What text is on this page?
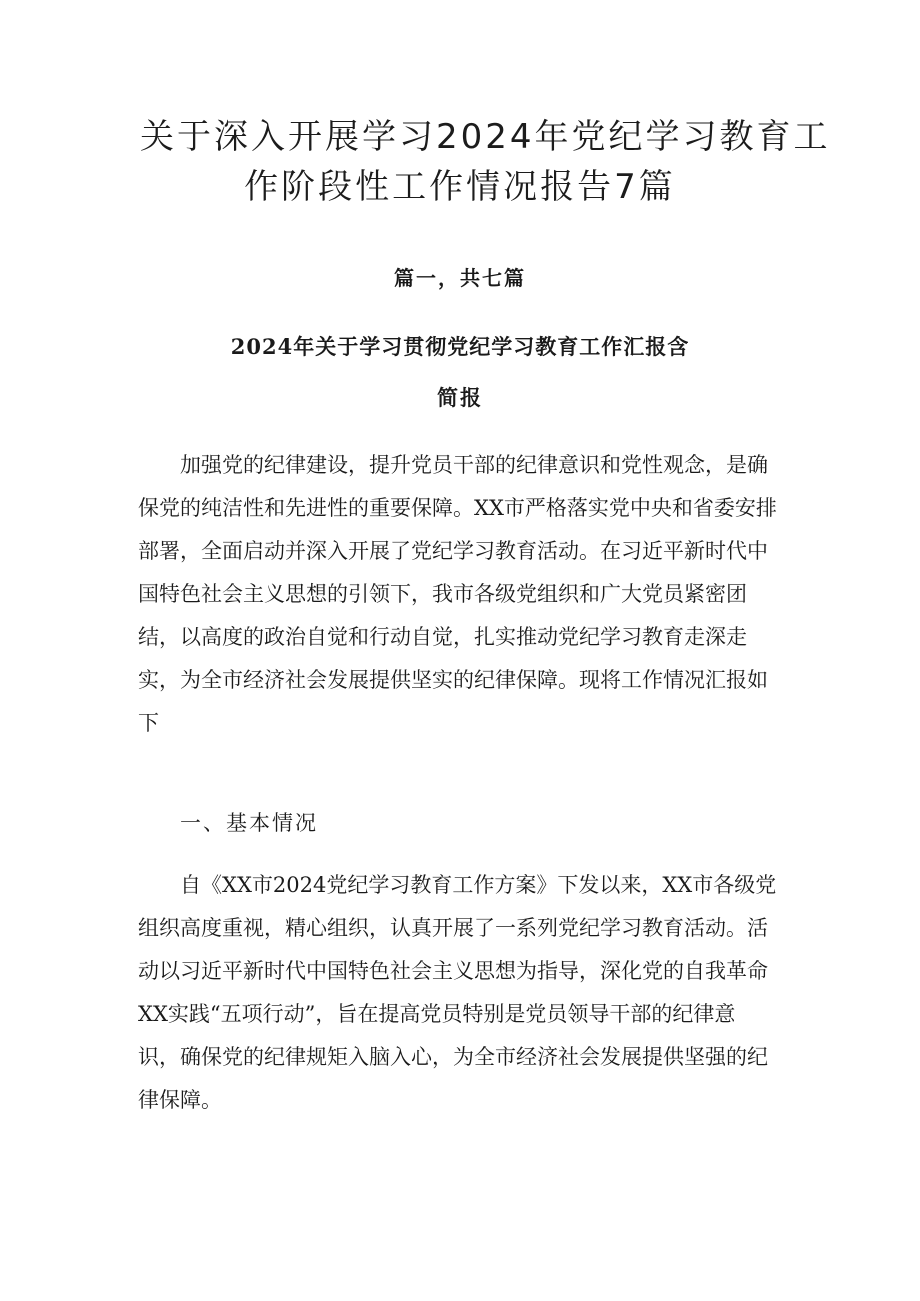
关于深入开展学习2024年党纪学习教育工
作阶段性工作情况报告7篇
篇一，共七篇
2024年关于学习贯彻党纪学习教育工作汇报含
简报
加强党的纪律建设，提升党员干部的纪律意识和党性观念，是确
保党的纯洁性和先进性的重要保障。XX市严格落实党中央和省委安排
部署，全面启动并深入开展了党纪学习教育活动。在习近平新时代中
国特色社会主义思想的引领下，我市各级党组织和广大党员紧密团
结，以高度的政治自觉和行动自觉，扎实推动党纪学习教育走深走
实，为全市经济社会发展提供坚实的纪律保障。现将工作情况汇报如
下
一、基本情况
自《XX市2024党纪学习教育工作方案》下发以来，XX市各级党
组织高度重视，精心组织，认真开展了一系列党纪学习教育活动。活
动以习近平新时代中国特色社会主义思想为指导，深化党的自我革命
XX实践“五项行动”，旨在提高党员特别是党员领导干部的纪律意
识，确保党的纪律规矩入脑入心，为全市经济社会发展提供坚强的纪
律保障。
